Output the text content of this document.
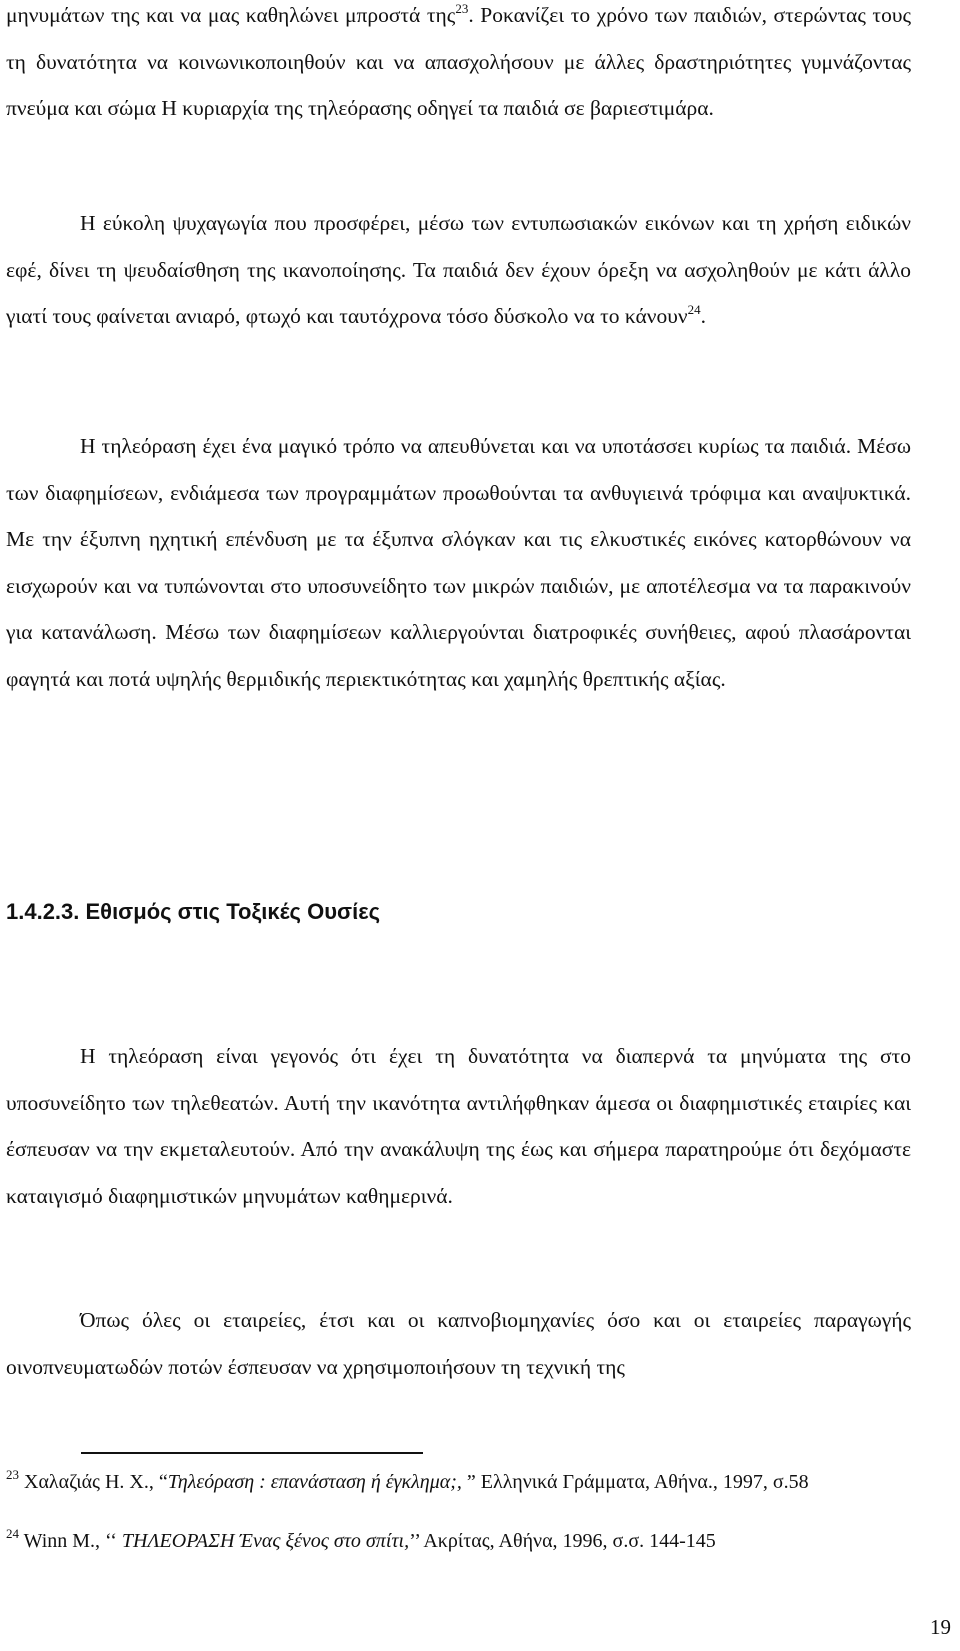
μηνυμάτων της και να μας καθηλώνει μπροστά της$^{23}$. Ροκανίζει το χρόνο των παιδιών, στερώντας τους τη δυνατότητα να κοινωνικοποιηθούν και να απασχολήσουν με άλλες δραστηριότητες γυμνάζοντας πνεύμα και σώμα Η κυριαρχία της τηλεόρασης οδηγεί τα παιδιά σε βαριεστιμάρα.

Η εύκολη ψυχαγωγία που προσφέρει, μέσω των εντυπωσιακών εικόνων και τη χρήση ειδικών εφέ, δίνει τη ψευδαίσθηση της ικανοποίησης. Τα παιδιά δεν έχουν όρεξη να ασχοληθούν με κάτι άλλο γιατί τους φαίνεται ανιαρό, φτωχό και ταυτόχρονα τόσο δύσκολο να το κάνουν$^{24}$.

Η τηλεόραση έχει ένα μαγικό τρόπο να απευθύνεται και να υποτάσσει κυρίως τα παιδιά. Μέσω των διαφημίσεων, ενδιάμεσα των προγραμμάτων προωθούνται τα ανθυγιεινά τρόφιμα και αναψυκτικά. Με την έξυπνη ηχητική επένδυση με τα έξυπνα σλόγκαν και τις ελκυστικές εικόνες κατορθώνουν να εισχωρούν και να τυπώνονται στο υποσυνείδητο των μικρών παιδιών, με αποτέλεσμα να τα παρακινούν για κατανάλωση. Μέσω των διαφημίσεων καλλιεργούνται διατροφικές συνήθειες, αφού πλασάρονται φαγητά και ποτά υψηλής θερμιδικής περιεκτικότητας και χαμηλής θρεπτικής αξίας.

1.4.2.3. Εθισμός στις Τοξικές Ουσίες

Η τηλεόραση είναι γεγονός ότι έχει τη δυνατότητα να διαπερνά τα μηνύματα της στο υποσυνείδητο των τηλεθεατών. Αυτή την ικανότητα αντιλήφθηκαν άμεσα οι διαφημιστικές εταιρίες και έσπευσαν να την εκμεταλευτούν. Από την ανακάλυψη της έως και σήμερα παρατηρούμε ότι δεχόμαστε καταιγισμό διαφημιστικών μηνυμάτων καθημερινά.

Όπως όλες οι εταιρείες, έτσι και οι καπνοβιομηχανίες όσο και οι εταιρείες παραγωγής οινοπνευματωδών ποτών έσπευσαν να χρησιμοποιήσουν τη τεχνική της

$^{23}$ Χαλαζιάς Η. Χ., “Τηλεόραση : επανάσταση ή έγκλημα;, ” Ελληνικά Γράμματα, Αθήνα., 1997, σ.58

$^{24}$ Winn M., ‘‘ ΤΗΛΕΟΡΑΣΗ Ένας ξένος στο σπίτι,’’ Ακρίτας, Αθήνα, 1996, σ.σ. 144-145

19
